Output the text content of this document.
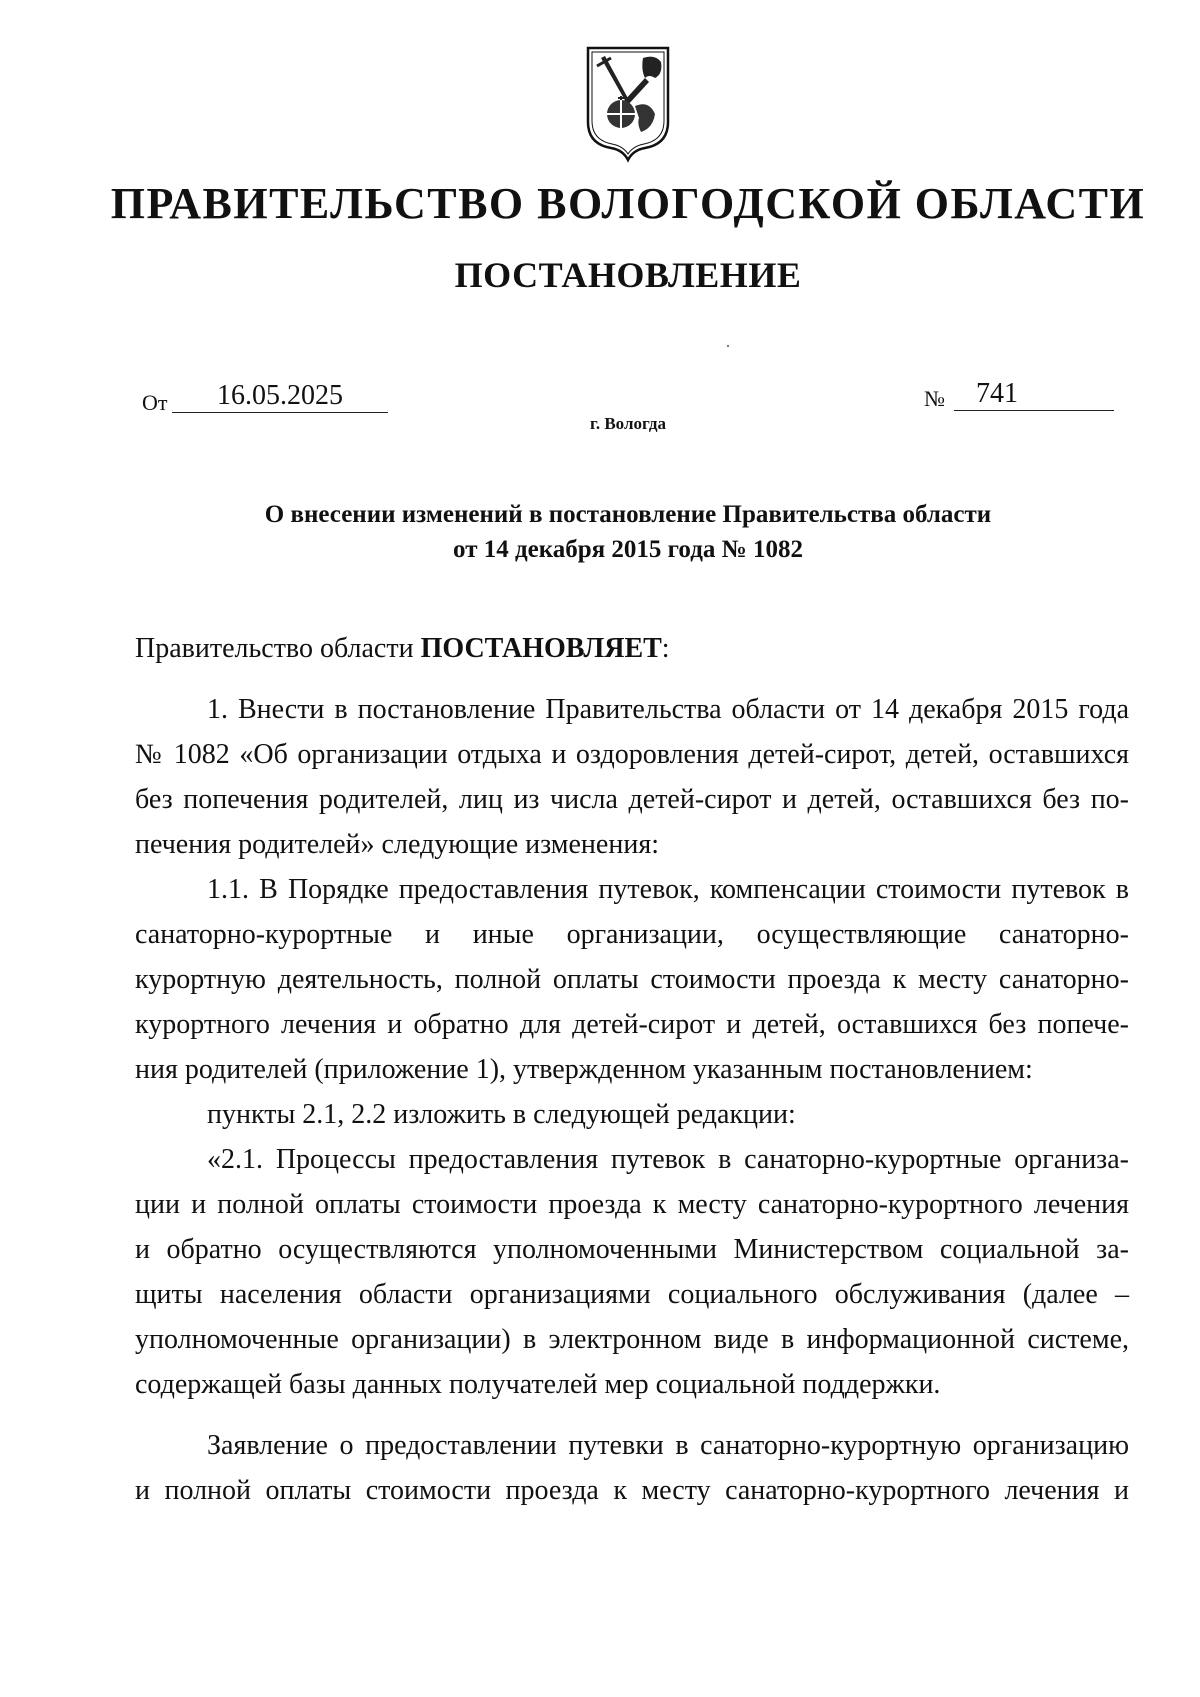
ПРАВИТЕЛЬСТВО ВОЛОГОДСКОЙ ОБЛАСТИ
ПОСТАНОВЛЕНИЕ
От	16.05.2025	№	741
г. Вологда
О внесении изменений в постановление Правительства области
от 14 декабря 2015 года № 1082

Правительство области ПОСТАНОВЛЯЕТ:

1. Внести в постановление Правительства области от 14 декабря 2015 года

№ 1082 «Об организации отдыха и оздоровления детей-сирот, детей, оставшихся

без попечения родителей, лиц из числа детей-сирот и детей, оставшихся без по-

печения родителей» следующие изменения:

1.1. В Порядке предоставления путевок, компенсации стоимости путевок в

санаторно-курортные и иные организации, осуществляющие санаторно-

курортную деятельность, полной оплаты стоимости проезда к месту санаторно-

курортного лечения и обратно для детей-сирот и детей, оставшихся без попече-

ния родителей (приложение 1), утвержденном указанным постановлением:

пункты 2.1, 2.2 изложить в следующей редакции:

«2.1. Процессы предоставления путевок в санаторно-курортные организа-

ции и полной оплаты стоимости проезда к месту санаторно-курортного лечения

и обратно осуществляются уполномоченными Министерством социальной за-

щиты населения области организациями социального обслуживания (далее –

уполномоченные организации) в электронном виде в информационной системе,

содержащей базы данных получателей мер социальной поддержки.

Заявление о предоставлении путевки в санаторно-курортную организацию

и полной оплаты стоимости проезда к месту санаторно-курортного лечения и
